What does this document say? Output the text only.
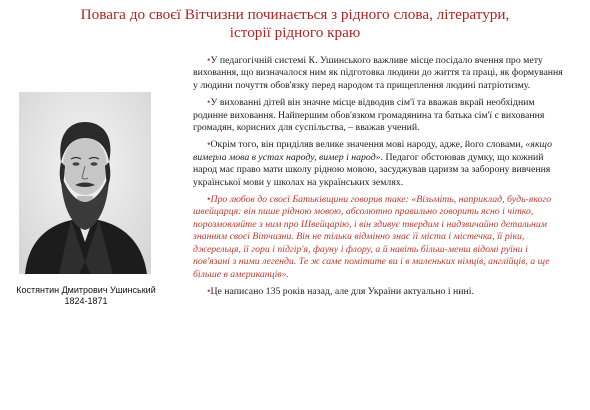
Повага до своєї Вітчизни починається з рідного слова, літератури,
історії рідного краю
Костянтин Дмитрович Ушинський
1824-1871

•У педагогічній системі К. Ушинського важливе місце посідало вчення про мету виховання, що визначалося ним як підготовка людини до життя та праці, як формування у людини почуття обов'язку перед народом та прищеплення людині патріотизму.

•У вихованні дітей він значне місце відводив сім'ї та вважав вкрай необхідним родинне виховання. Найпершим обов'язком громадянина та батька сім'ї є виховання громадян, корисних для суспільства, – вважав учений.

•Окрім того, він приділяв велике значення мові народу, адже, його словами, «якщо вимерла мова в устах народу, вимер і народ». Педагог обстоював думку, що кожний народ має право мати школу рідною мовою, засуджував царизм за заборону вивчення української мови у школах на українських землях.

•Про любов до своєї Батьківщини говорив таке: «Візьміть, наприклад, будь-якого швейцарця: він пише рідною мовою, абсолютно правильно говорить ясно і чітко, порозмовляйте з ним про Швейцарію, і він здивує твердим і надзвичайно детальним знанням своєї Вітчизни. Він не тільки відмінно знає її міста і містечка, її ріки, джерельця, її гори і підгір'я, фауну і флору, а й навіть більш-менш відомі руїни і пов'язані з ними легенди. Те ж саме помітите ви і в маленьких німців, англійців, а ще більше в американців».

•Це написано 135 років назад, але для України актуально і нині.
